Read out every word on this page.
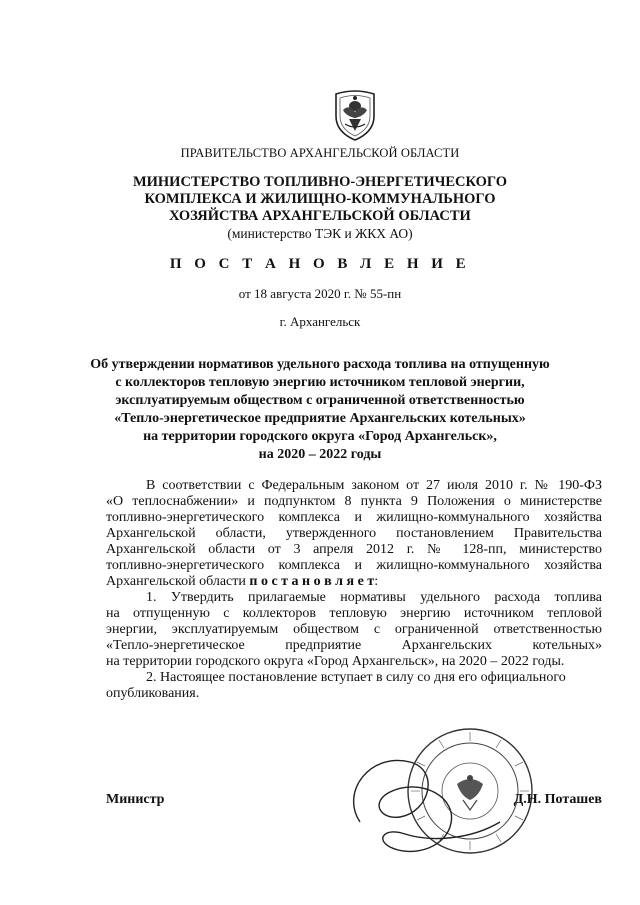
ПРАВИТЕЛЬСТВО АРХАНГЕЛЬСКОЙ ОБЛАСТИ
МИНИСТЕРСТВО ТОПЛИВНО-ЭНЕРГЕТИЧЕСКОГО
КОМПЛЕКСА И ЖИЛИЩНО-КОММУНАЛЬНОГО
ХОЗЯЙСТВА АРХАНГЕЛЬСКОЙ ОБЛАСТИ
(министерство ТЭК и ЖКХ АО)
П О С Т А Н О В Л Е Н И Е
от 18 августа 2020 г. № 55-пн
г. Архангельск
Об утверждении нормативов удельного расхода топлива на отпущенную
с коллекторов тепловую энергию источником тепловой энергии,
эксплуатируемым обществом с ограниченной ответственностью
«Тепло-энергетическое предприятие Архангельских котельных»
на территории городского округа «Город Архангельск»,
на 2020 – 2022 годы
В соответствии с Федеральным законом от 27 июля 2010 г. № 190-ФЗ
«О теплоснабжении» и подпунктом 8 пункта 9 Положения о министерстве
топливно-энергетического комплекса и жилищно-коммунального хозяйства
Архангельской области, утвержденного постановлением Правительства
Архангельской области от 3 апреля 2012 г. № 128-пп, министерство
топливно-энергетического комплекса и жилищно-коммунального хозяйства
Архангельской области п о с т а н о в л я е т:
1. Утвердить прилагаемые нормативы удельного расхода топлива
на отпущенную с коллекторов тепловую энергию источником тепловой
энергии, эксплуатируемым обществом с ограниченной ответственностью
«Тепло-энергетическое предприятие Архангельских котельных»
на территории городского округа «Город Архангельск», на 2020 – 2022 годы.
2. Настоящее постановление вступает в силу со дня его официального
опубликования.
Министр	Д.Н. Поташев
